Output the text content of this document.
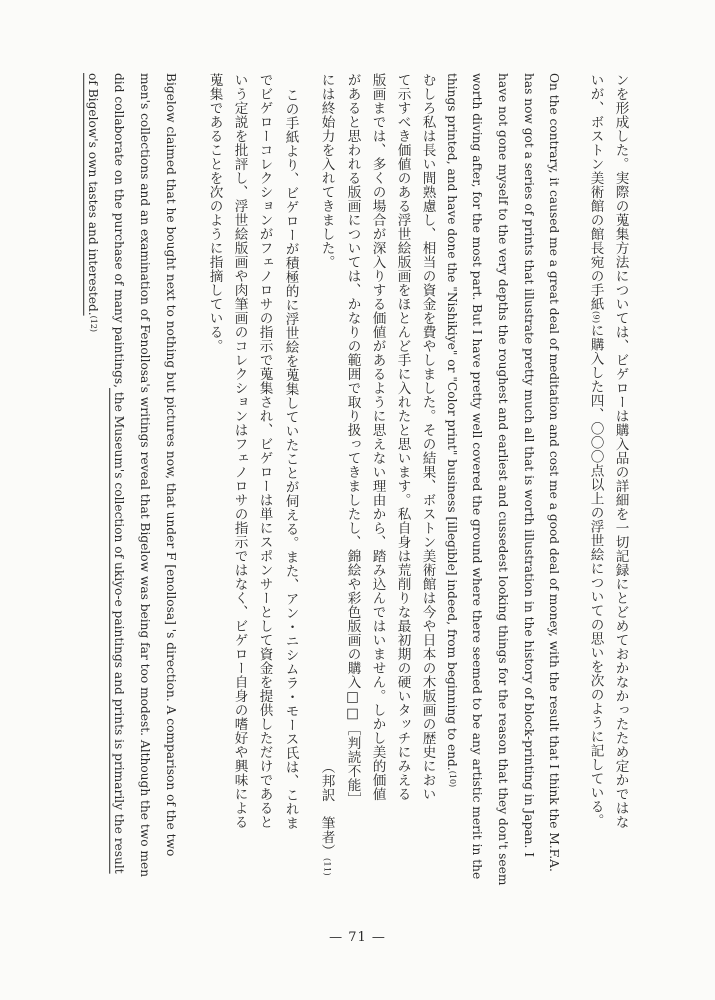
ンを形成した。実際の蒐集方法については、ビゲローは購入品の詳細を一切記録にとどめておかなかったため定かではな
いが、ボストン美術館の館長宛の手紙(9)に購入した四、〇〇〇点以上の浮世絵についての思いを次のように記している。
On the contrary, it caused me a great deal of meditation and cost me a good deal of money, with the result that I think the M.F.A.
has now got a series of prints that illustrate pretty much all that is worth illustration in the history of block-printing in Japan. I
have not gone myself to the very depths the roughest and earliest and cussedest looking things for the reason that they don't seem
worth diving after, for the most part. But I have pretty well covered the ground where there seemed to be any artistic merit in the
things printed, and have done the "Nishikiye" or "Color print" business [illegible] indeed, from beginning to end.(10)
むしろ私は長い間熟慮し、相当の資金を費やしました。その結果、ボストン美術館は今や日本の木版画の歴史におい
て示すべき価値のある浮世絵版画をほとんど手に入れたと思います。私自身は荒削りな最初期の硬いタッチにみえる
版画までは、多くの場合が深入りする価値があるように思えない理由から、踏み込んではいません。しかし美的価値
があると思われる版画については、かなりの範囲で取り扱ってきましたし、錦絵や彩色版画の購入□□［判読不能］
には終始力を入れてきました。
（邦訳　筆者）(11)
この手紙より、ビゲローが積極的に浮世絵を蒐集していたことが伺える。また、アン・ニシムラ・モース氏は、これま
でビゲローコレクションがフェノロサの指示で蒐集され、ビゲローは単にスポンサーとして資金を提供しただけであると
いう定説を批評し、浮世絵版画や肉筆画のコレクションはフェノロサの指示ではなく、ビゲロー自身の嗜好や興味による
蒐集であることを次のように指摘している。
Bigelow claimed that he bought next to nothing but pictures now, that under F [enollosa] 's direction. A comparison of the two
men's collections and an examination of Fenollosa's writings reveal that Bigelow was being far too modest. Although the two men
did collaborate on the purchase of many paintings, the Museum's collection of ukiyo-e paintings and prints is primarily the result
of Bigelow's own tastes and interested.(12)
— 71 —
